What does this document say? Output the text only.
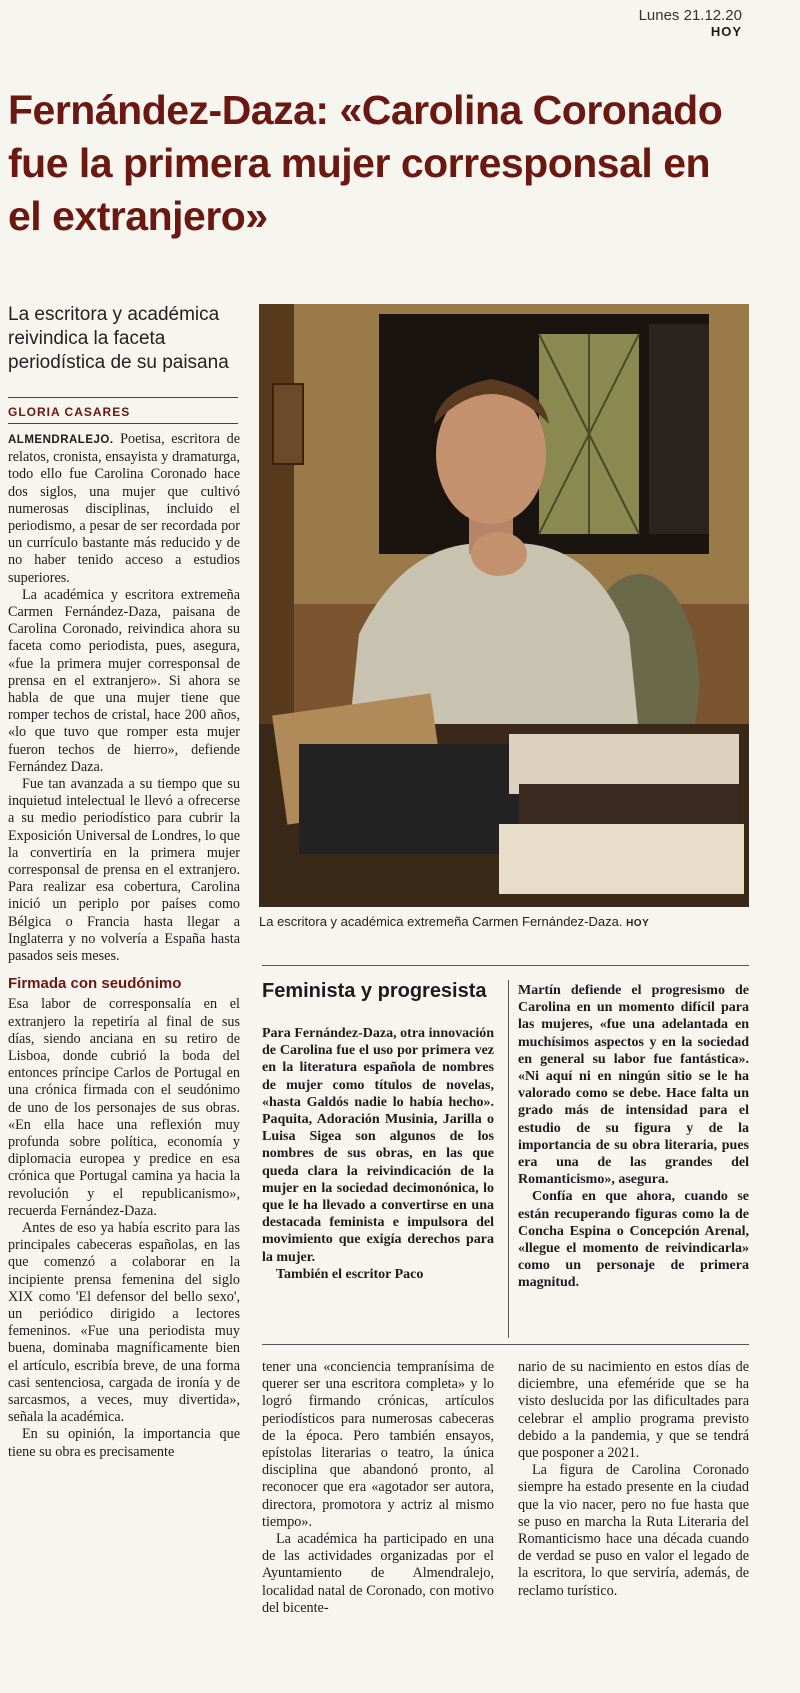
Lunes 21.12.20
HOY
Fernández-Daza: «Carolina Coronado fue la primera mujer corresponsal en el extranjero»

La escritora y académica reivindica la faceta periodística de su paisana

GLORIA CASARES

ALMENDRALEJO. Poetisa, escritora de relatos, cronista, ensayista y dramaturga, todo ello fue Carolina Coronado hace dos siglos, una mujer que cultivó numerosas disciplinas, incluido el periodismo, a pesar de ser recordada por un currículo bastante más reducido y de no haber tenido acceso a estudios superiores.

La académica y escritora extremeña Carmen Fernández-Daza, paisana de Carolina Coronado, reivindica ahora su faceta como periodista, pues, asegura, «fue la primera mujer corresponsal de prensa en el extranjero». Si ahora se habla de que una mujer tiene que romper techos de cristal, hace 200 años, «lo que tuvo que romper esta mujer fueron techos de hierro», defiende Fernández Daza.

Fue tan avanzada a su tiempo que su inquietud intelectual le llevó a ofrecerse a su medio periodístico para cubrir la Exposición Universal de Londres, lo que la convertiría en la primera mujer corresponsal de prensa en el extranjero. Para realizar esa cobertura, Carolina inició un periplo por países como Bélgica o Francia hasta llegar a Inglaterra y no volvería a España hasta pasados seis meses.

Firmada con seudónimo

Esa labor de corresponsalía en el extranjero la repetiría al final de sus días, siendo anciana en su retiro de Lisboa, donde cubrió la boda del entonces príncipe Carlos de Portugal en una crónica firmada con el seudónimo de uno de los personajes de sus obras. «En ella hace una reflexión muy profunda sobre política, economía y diplomacia europea y predice en esa crónica que Portugal camina ya hacia la revolución y el republicanismo», recuerda Fernández-Daza.

Antes de eso ya había escrito para las principales cabeceras españolas, en las que comenzó a colaborar en la incipiente prensa femenina del siglo XIX como 'El defensor del bello sexo', un periódico dirigido a lectores femeninos. «Fue una periodista muy buena, dominaba magníficamente bien el artículo, escribía breve, de una forma casi sentenciosa, cargada de ironía y de sarcasmos, a veces, muy divertida», señala la académica.

En su opinión, la importancia que tiene su obra es precisamente

La escritora y académica extremeña Carmen Fernández-Daza. HOY
Feminista y progresista

Para Fernández-Daza, otra innovación de Carolina fue el uso por primera vez en la literatura española de nombres de mujer como títulos de novelas, «hasta Galdós nadie lo había hecho». Paquita, Adoración Musinia, Jarilla o Luisa Sigea son algunos de los nombres de sus obras, en las que queda clara la reivindicación de la mujer en la sociedad decimonónica, lo que le ha llevado a convertirse en una destacada feminista e impulsora del movimiento que exigía derechos para la mujer.

También el escritor Paco

Martín defiende el progresismo de Carolina en un momento difícil para las mujeres, «fue una adelantada en muchísimos aspectos y en la sociedad en general su labor fue fantástica». «Ni aquí ni en ningún sitio se le ha valorado como se debe. Hace falta un grado más de intensidad para el estudio de su figura y de la importancia de su obra literaria, pues era una de las grandes del Romanticismo», asegura.

Confía en que ahora, cuando se están recuperando figuras como la de Concha Espina o Concepción Arenal, «llegue el momento de reivindicarla» como un personaje de primera magnitud.

tener una «conciencia tempranísima de querer ser una escritora completa» y lo logró firmando crónicas, artículos periodísticos para numerosas cabeceras de la época. Pero también ensayos, epístolas literarias o teatro, la única disciplina que abandonó pronto, al reconocer que era «agotador ser autora, directora, promotora y actriz al mismo tiempo».

La académica ha participado en una de las actividades organizadas por el Ayuntamiento de Almendralejo, localidad natal de Coronado, con motivo del bicente-

nario de su nacimiento en estos días de diciembre, una efeméride que se ha visto deslucida por las dificultades para celebrar el amplio programa previsto debido a la pandemia, y que se tendrá que posponer a 2021.

La figura de Carolina Coronado siempre ha estado presente en la ciudad que la vio nacer, pero no fue hasta que se puso en marcha la Ruta Literaria del Romanticismo hace una década cuando de verdad se puso en valor el legado de la escritora, lo que serviría, además, de reclamo turístico.
